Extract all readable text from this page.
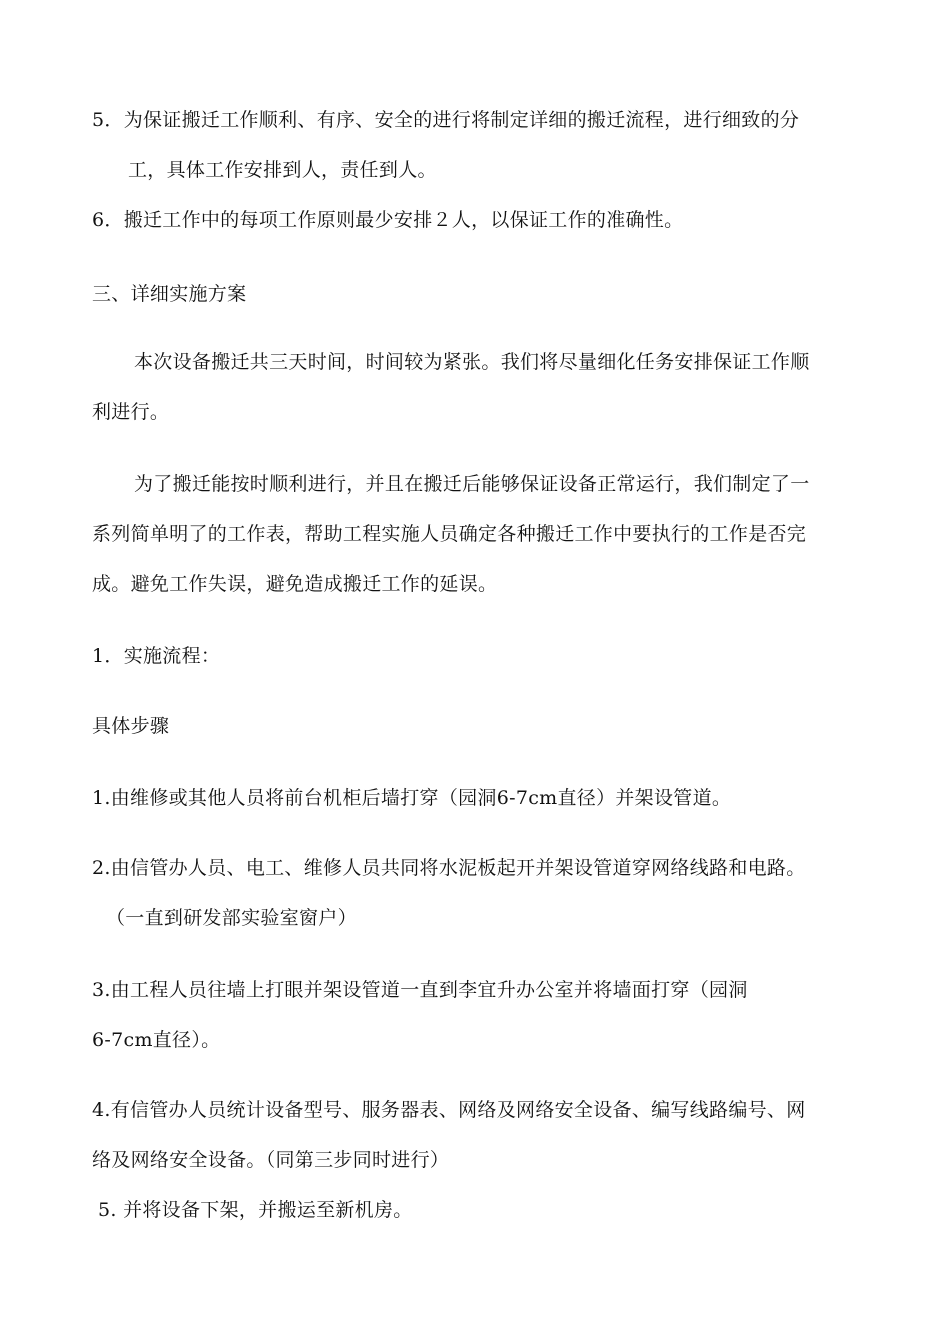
5．为保证搬迁工作顺利、有序、安全的进行将制定详细的搬迁流程，进行细致的分
工，具体工作安排到人，责任到人。
6．搬迁工作中的每项工作原则最少安排２人，以保证工作的准确性。
三、详细实施方案
本次设备搬迁共三天时间，时间较为紧张。我们将尽量细化任务安排保证工作顺
利进行。
为了搬迁能按时顺利进行，并且在搬迁后能够保证设备正常运行，我们制定了一
系列简单明了的工作表，帮助工程实施人员确定各种搬迁工作中要执行的工作是否完
成。避免工作失误，避免造成搬迁工作的延误。
1．实施流程：
具体步骤
1.由维修或其他人员将前台机柜后墙打穿（园洞6-7cm直径）并架设管道。
2.由信管办人员、电工、维修人员共同将水泥板起开并架设管道穿网络线路和电路。
（一直到研发部实验室窗户）
3.由工程人员往墙上打眼并架设管道一直到李宜升办公室并将墙面打穿（园洞
6-7cm直径）。
4.有信管办人员统计设备型号、服务器表、网络及网络安全设备、编写线路编号、网
络及网络安全设备。（同第三步同时进行）
5. 并将设备下架，并搬运至新机房。
